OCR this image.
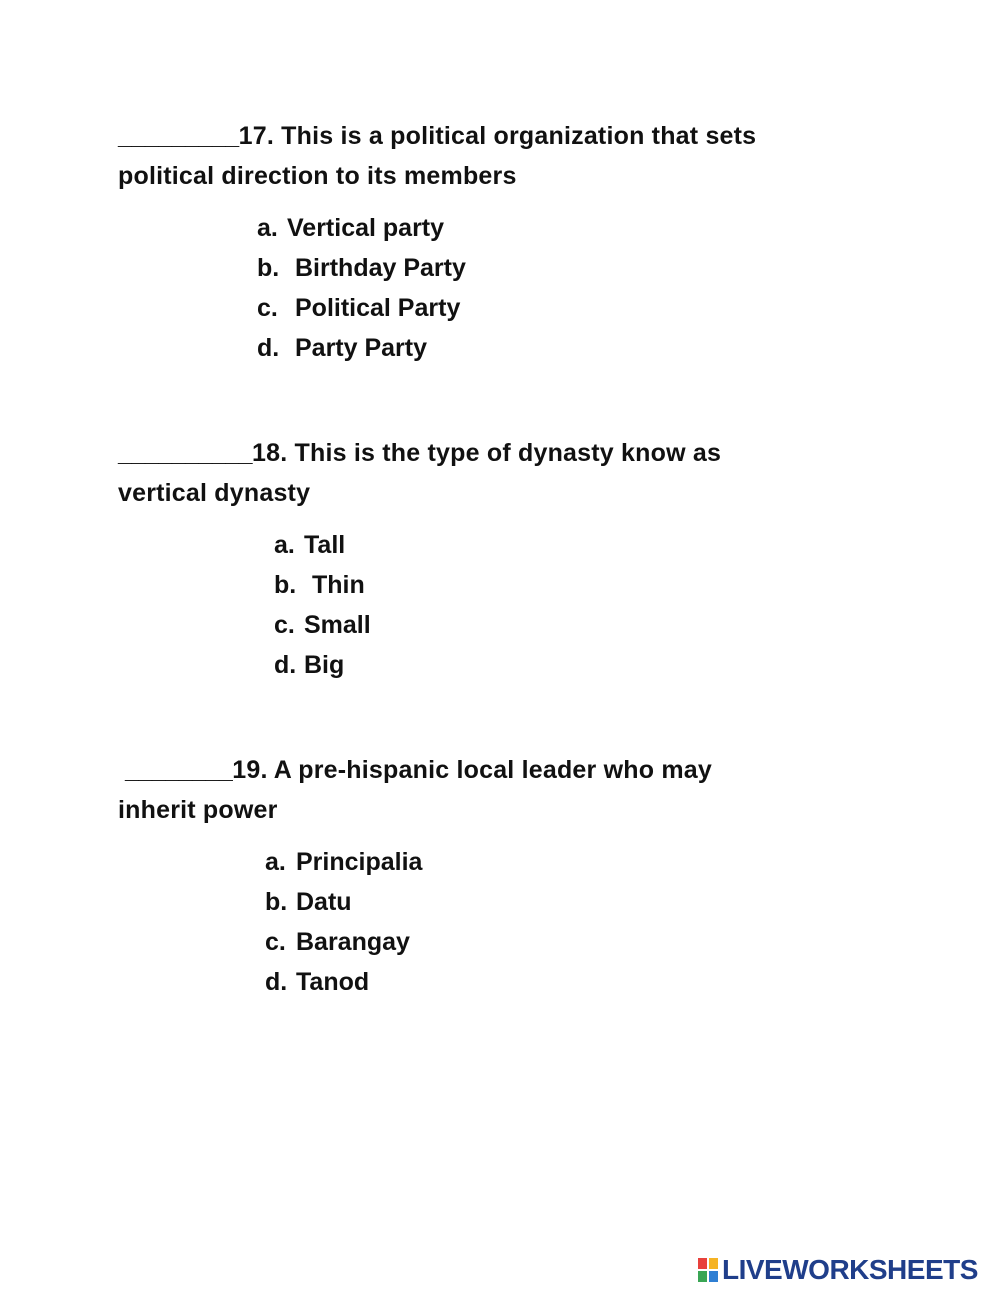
_________17. This is a political organization that sets
political direction to its members
a. Vertical party
b. Birthday Party
c. Political Party
d. Party Party
__________18. This is the type of dynasty know as
vertical dynasty
a. Tall
b. Thin
c. Small
d. Big
________19. A pre-hispanic local leader who may
inherit power
a. Principalia
b. Datu
c. Barangay
d. Tanod
LIVEWORKSHEETS
